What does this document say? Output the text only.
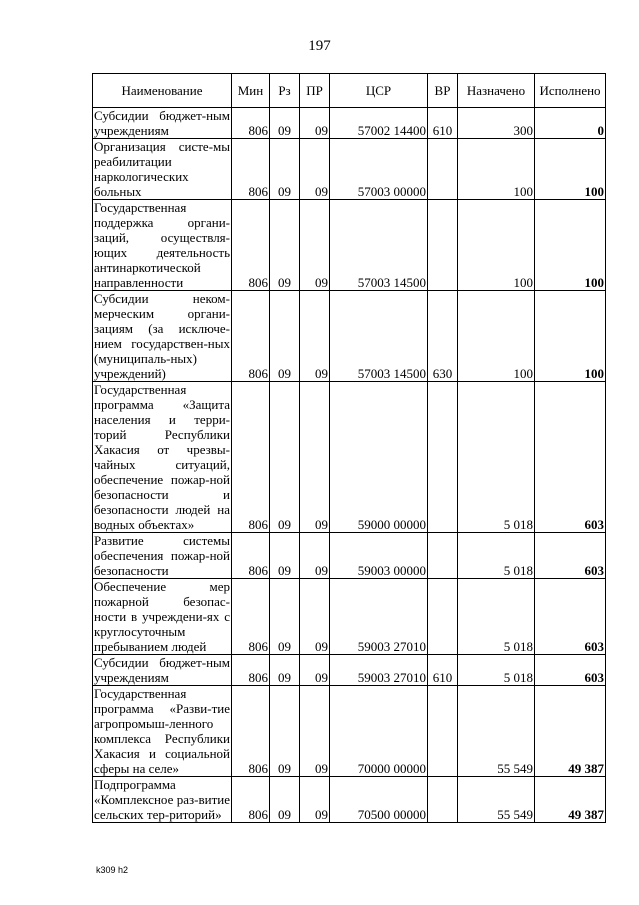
197
Наименование	Мин	Рз	ПР	ЦСР	ВР	Назначено	Исполнено
Субсидии бюджет-ным учреждениям	806	09	09	57002 14400	610	300	0
Организация систе-мы реабилитации наркологических больных	806	09	09	57003 00000		100	100
Государственная поддержка органи-заций, осуществля-ющих деятельность антинаркотической направленности	806	09	09	57003 14500		100	100
Субсидии неком-мерческим органи-зациям (за исключе-нием государствен-ных (муниципаль-ных) учреждений)	806	09	09	57003 14500	630	100	100
Государственная программа «Защита населения и терри-торий Республики Хакасия от чрезвы-чайных ситуаций, обеспечение пожар-ной безопасности и безопасности людей на водных объектах»	806	09	09	59000 00000		5 018	603
Развитие системы обеспечения пожар-ной безопасности	806	09	09	59003 00000		5 018	603
Обеспечение мер пожарной безопас-ности в учреждени-ях с круглосуточным пребыванием людей	806	09	09	59003 27010		5 018	603
Субсидии бюджет-ным учреждениям	806	09	09	59003 27010	610	5 018	603
Государственная программа «Разви-тие агропромыш-ленного комплекса Республики Хакасия и социальной сферы на селе»	806	09	09	70000 00000		55 549	49 387
Подпрограмма «Комплексное раз-витие сельских тер-риторий»	806	09	09	70500 00000		55 549	49 387
k309 h2
